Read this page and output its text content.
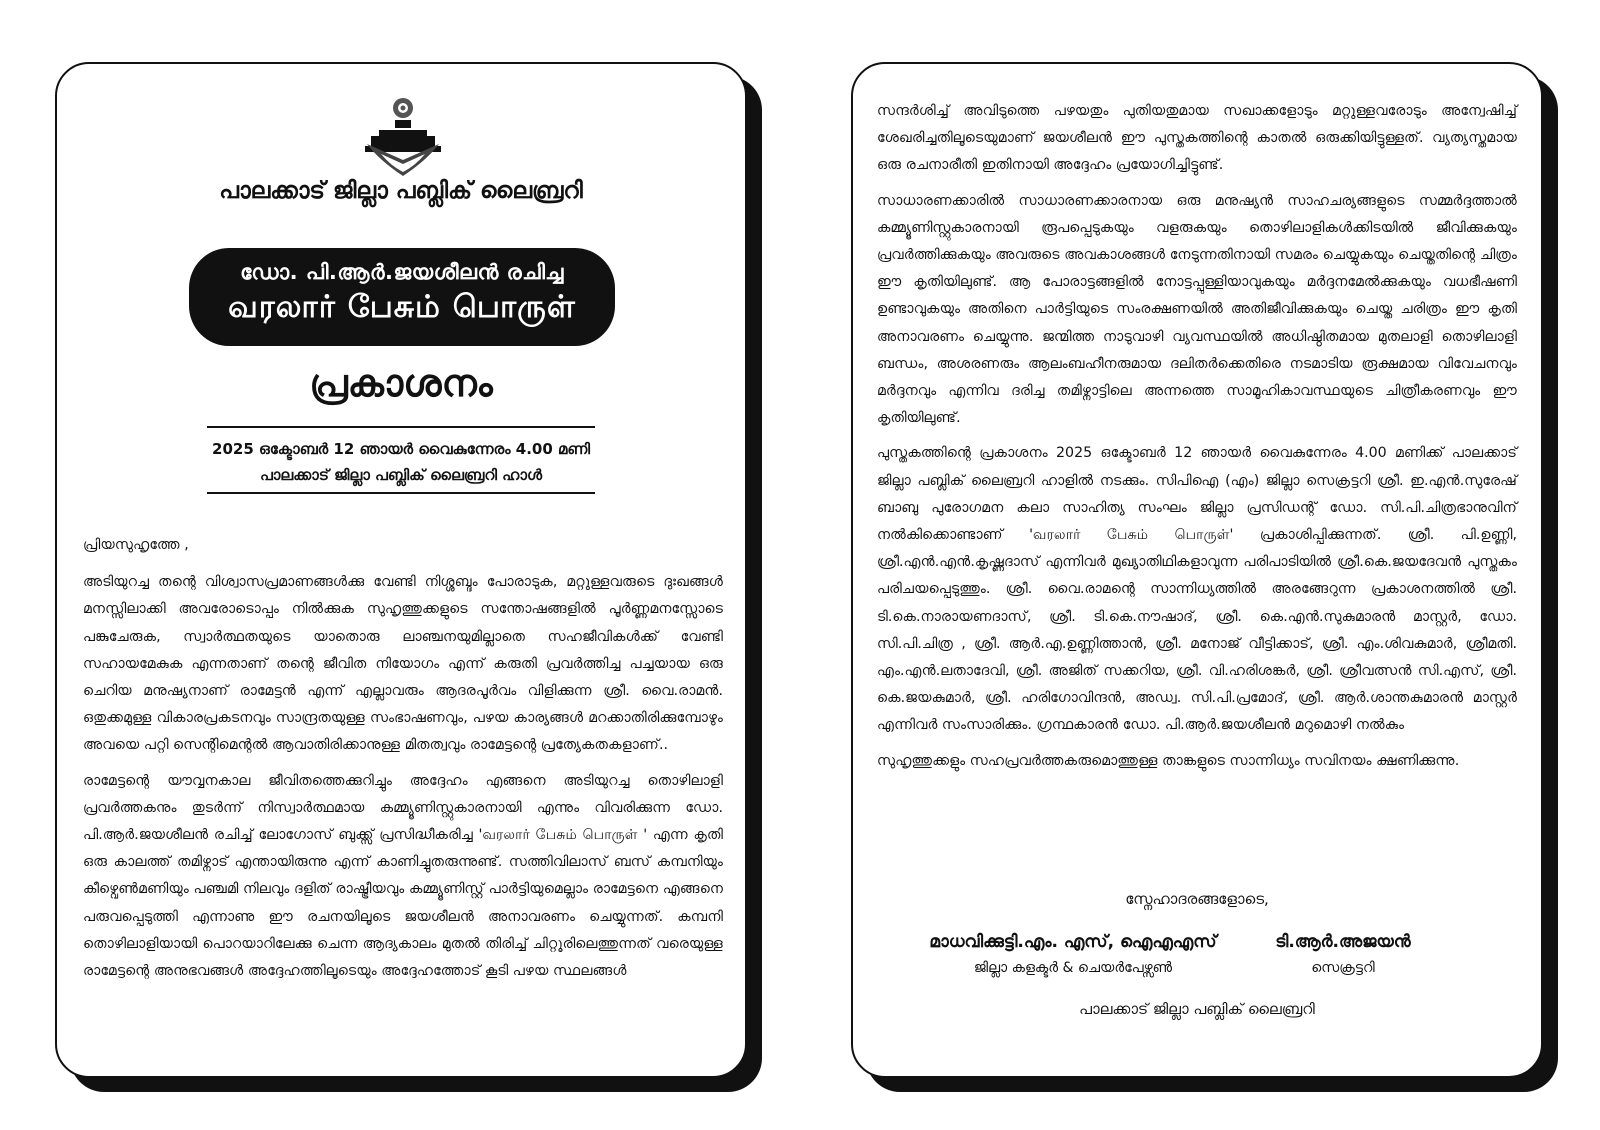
പാലക്കാട് ജില്ലാ പബ്ലിക് ലൈബ്രറി
ഡോ. പി.ആർ.ജയശീലൻ രചിച്ച
வரலார் பேசும் பொருள்
പ്രകാശനം
2025 ഒക്ടോബർ 12 ഞായർ വൈകുന്നേരം 4.00 മണി
പാലക്കാട് ജില്ലാ പബ്ലിക് ലൈബ്രറി ഹാൾ

പ്രിയസുഹൃത്തേ ,

അടിയുറച്ച തന്റെ വിശ്വാസപ്രമാണങ്ങൾക്കു വേണ്ടി നിശ്ശബ്ദം പോരാടുക, മറ്റുള്ളവരുടെ ദുഃഖങ്ങൾ മനസ്സിലാക്കി അവരോടൊപ്പം നിൽക്കുക സുഹൃത്തുക്കളുടെ സന്തോഷങ്ങളിൽ പൂർണ്ണമനസ്സോടെ പങ്കുചേരുക, സ്വാർത്ഥതയുടെ യാതൊരു ലാഞ്ചനയുമില്ലാതെ സഹജീവികൾക്ക് വേണ്ടി സഹായമേകുക എന്നതാണ് തന്റെ ജീവിത നിയോഗം എന്ന് കരുതി പ്രവർത്തിച്ച പച്ചയായ ഒരു ചെറിയ മനുഷ്യനാണ് രാമേട്ടൻ എന്ന് എല്ലാവരും ആദരപൂർവം വിളിക്കുന്ന ശ്രീ. വൈ.രാമൻ. ഒതുക്കമുള്ള വികാരപ്രകടനവും സാന്ദ്രതയുള്ള സംഭാഷണവും, പഴയ കാര്യങ്ങൾ മറക്കാതിരിക്കുമ്പോഴും അവയെ പറ്റി സെന്റിമെന്റൽ ആവാതിരിക്കാനുള്ള മിതത്വവും രാമേട്ടന്റെ പ്രത്യേകതകളാണ്..

രാമേട്ടന്റെ യൗവ്വനകാല ജീവിതത്തെക്കുറിച്ചും അദ്ദേഹം എങ്ങനെ അടിയുറച്ച തൊഴിലാളി പ്രവർത്തകനും തുടർന്ന് നിസ്വാർത്ഥമായ കമ്മ്യൂണിസ്റ്റുകാരനായി എന്നും വിവരിക്കുന്ന ഡോ. പി.ആർ.ജയശീലൻ രചിച്ച് ലോഗോസ് ബുക്ക്സ് പ്രസിദ്ധീകരിച്ച 'வரலார் பேசும் பொருள் ' എന്ന കൃതി ഒരു കാലത്ത് തമിഴ്നാട് എന്തായിരുന്നു എന്ന് കാണിച്ചുതരുന്നുണ്ട്. സത്തിവിലാസ് ബസ് കമ്പനിയും കീഴ്വെൺമണിയും പഞ്ചമി നിലവും ദളിത് രാഷ്ട്രീയവും കമ്മ്യൂണിസ്റ്റ് പാർട്ടിയുമെല്ലാം രാമേട്ടനെ എങ്ങനെ പരുവപ്പെടുത്തി എന്നാണു ഈ രചനയിലൂടെ ജയശീലൻ അനാവരണം ചെയ്യുന്നത്. കമ്പനി തൊഴിലാളിയായി പൊറയാറിലേക്കു ചെന്ന ആദ്യകാലം മുതൽ തിരിച്ച് ചിറ്റൂരിലെത്തുന്നത് വരെയുള്ള രാമേട്ടന്റെ അനുഭവങ്ങൾ അദ്ദേഹത്തിലൂടെയും അദ്ദേഹത്തോട് കൂടി പഴയ സ്ഥലങ്ങൾ

സന്ദർശിച്ച് അവിടുത്തെ പഴയതും പുതിയതുമായ സഖാക്കളോടും മറ്റുള്ളവരോടും അന്വേഷിച്ച് ശേഖരിച്ചതിലൂടെയുമാണ് ജയശീലൻ ഈ പുസ്തകത്തിന്റെ കാതൽ ഒരുക്കിയിട്ടുള്ളത്. വ്യത്യസ്തമായ ഒരു രചനാരീതി ഇതിനായി അദ്ദേഹം പ്രയോഗിച്ചിട്ടുണ്ട്.

സാധാരണക്കാരിൽ സാധാരണക്കാരനായ ഒരു മനുഷ്യൻ സാഹചര്യങ്ങളുടെ സമ്മർദ്ദത്താൽ കമ്മ്യൂണിസ്റ്റുകാരനായി രൂപപ്പെടുകയും വളരുകയും തൊഴിലാളികൾക്കിടയിൽ ജീവിക്കുകയും പ്രവർത്തിക്കുകയും അവരുടെ അവകാശങ്ങൾ നേടുന്നതിനായി സമരം ചെയ്യുകയും ചെയ്തതിന്റെ ചിത്രം ഈ കൃതിയിലുണ്ട്. ആ പോരാട്ടങ്ങളിൽ നോട്ടപ്പുള്ളിയാവുകയും മർദ്ദനമേൽക്കുകയും വധഭീഷണി ഉണ്ടാവുകയും അതിനെ പാർട്ടിയുടെ സംരക്ഷണയിൽ അതിജീവിക്കുകയും ചെയ്ത ചരിത്രം ഈ കൃതി അനാവരണം ചെയ്യുന്നു. ജന്മിത്ത നാടുവാഴി വ്യവസ്ഥയിൽ അധിഷ്ഠിതമായ മുതലാളി തൊഴിലാളി ബന്ധം, അശരണരും ആലംബഹീനരുമായ ദലിതർക്കെതിരെ നടമാടിയ രൂക്ഷമായ വിവേചനവും മർദ്ദനവും എന്നിവ ദരിച്ച തമിഴ്നാട്ടിലെ അന്നത്തെ സാമൂഹികാവസ്ഥയുടെ ചിത്രീകരണവും ഈ കൃതിയിലുണ്ട്.

പുസ്തകത്തിന്റെ പ്രകാശനം 2025 ഒക്ടോബർ 12 ഞായർ വൈകുന്നേരം 4.00 മണിക്ക് പാലക്കാട് ജില്ലാ പബ്ലിക് ലൈബ്രറി ഹാളിൽ നടക്കും. സിപിഐ (എം) ജില്ലാ സെക്രട്ടറി ശ്രീ. ഇ.എൻ.സുരേഷ് ബാബു പുരോഗമന കലാ സാഹിത്യ സംഘം ജില്ലാ പ്രസിഡന്റ് ഡോ. സി.പി.ചിത്രഭാനുവിന് നൽകിക്കൊണ്ടാണ് 'வரலார் பேசும் பொருள்' പ്രകാശിപ്പിക്കുന്നത്. ശ്രീ. പി.ഉണ്ണി, ശ്രീ.എൻ.എൻ.കൃഷ്ണദാസ് എന്നിവർ മുഖ്യാതിഥികളാവുന്ന പരിപാടിയിൽ ശ്രീ.കെ.ജയദേവൻ പുസ്തകം പരിചയപ്പെടുത്തും. ശ്രീ. വൈ.രാമന്റെ സാന്നിധ്യത്തിൽ അരങ്ങേറുന്ന പ്രകാശനത്തിൽ ശ്രീ. ടി.കെ.നാരായണദാസ്, ശ്രീ. ടി.കെ.നൗഷാദ്, ശ്രീ. കെ.എൻ.സുകുമാരൻ മാസ്റ്റർ, ഡോ. സി.പി.ചിത്ര , ശ്രീ. ആർ.എ.ഉണ്ണിത്താൻ, ശ്രീ. മനോജ് വീട്ടിക്കാട്, ശ്രീ. എം.ശിവകുമാർ, ശ്രീമതി. എം.എൻ.ലതാദേവി, ശ്രീ. അജിത് സക്കറിയ, ശ്രീ. വി.ഹരിശങ്കർ, ശ്രീ. ശ്രീവത്സൻ സി.എസ്, ശ്രീ. കെ.ജയകുമാർ, ശ്രീ. ഹരിഗോവിന്ദൻ, അഡ്വ. സി.പി.പ്രമോദ്, ശ്രീ. ആർ.ശാന്തകുമാരൻ മാസ്റ്റർ എന്നിവർ സംസാരിക്കും. ഗ്രന്ഥകാരൻ ഡോ. പി.ആർ.ജയശീലൻ മറുമൊഴി നൽകും

സുഹൃത്തുക്കളും സഹപ്രവർത്തകരുമൊത്തുള്ള താങ്കളുടെ സാന്നിധ്യം സവിനയം ക്ഷണിക്കുന്നു.

സ്നേഹാദരങ്ങളോടെ,
മാധവിക്കുട്ടി.എം. എസ്, ഐഎഎസ്
ജില്ലാ കളക്ടർ & ചെയർപേഴ്സൺ
ടി.ആർ.അജയൻ
സെക്രട്ടറി
പാലക്കാട് ജില്ലാ പബ്ലിക് ലൈബ്രറി
